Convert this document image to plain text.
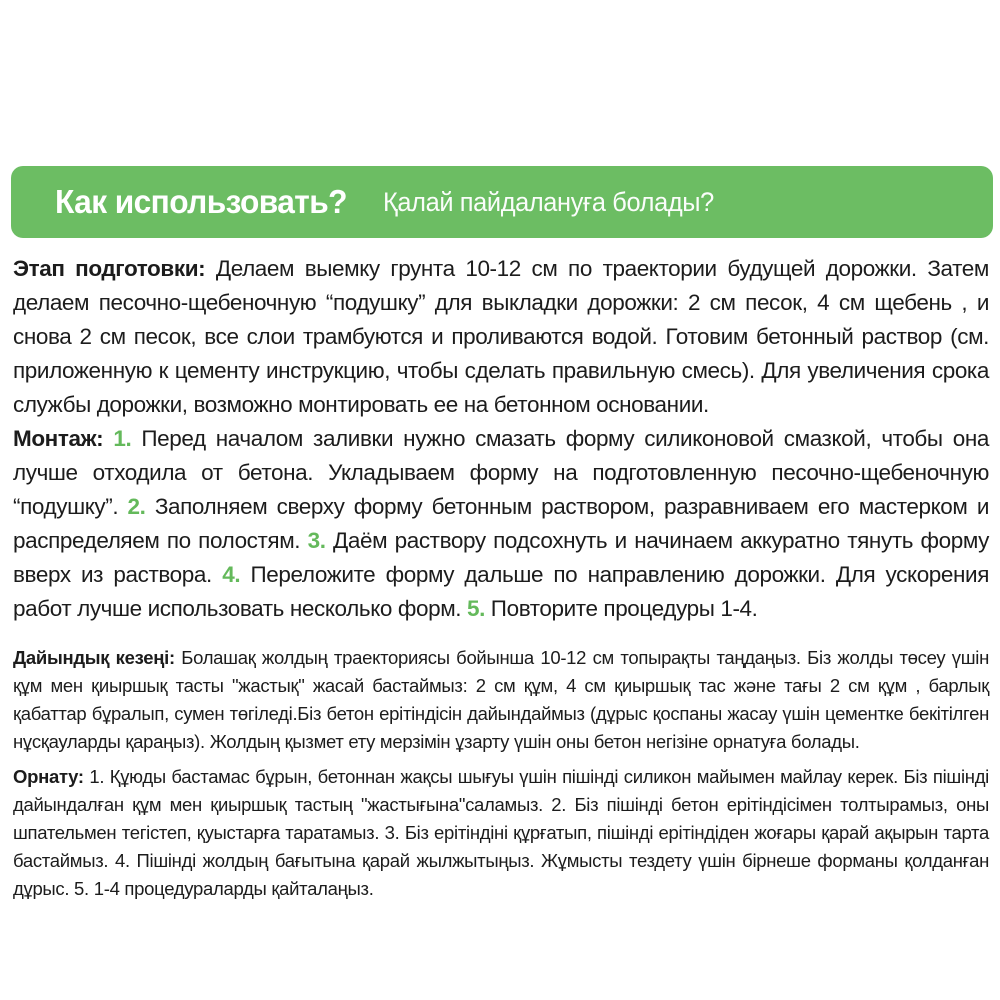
Как использовать? Қалай пайдалануға болады?

Этап подготовки: Делаем выемку грунта 10-12 см по траектории будущей дорожки. Затем делаем песочно-щебеночную “подушку” для выкладки дорожки: 2 см песок, 4 см щебень , и снова 2 см песок, все слои трамбуются и проливаются водой. Готовим бетонный раствор (см. приложенную к цементу инструкцию, чтобы сделать правильную смесь). Для увеличения срока службы дорожки, возможно монтировать ее на бетонном основании.

Монтаж: 1. Перед началом заливки нужно смазать форму силиконовой смазкой, чтобы она лучше отходила от бетона. Укладываем форму на подготовленную песочно-щебеночную “подушку”. 2. Заполняем сверху форму бетонным раствором, разравниваем его мастерком и распределяем по полостям. 3. Даём раствору подсохнуть и начинаем аккуратно тянуть форму вверх из раствора. 4. Переложите форму дальше по направлению дорожки. Для ускорения работ лучше использовать несколько форм. 5. Повторите процедуры 1-4.

Дайындық кезеңі: Болашақ жолдың траекториясы бойынша 10-12 см топырақты таңдаңыз. Біз жолды төсеу үшін құм мен қиыршық тасты "жастық" жасай бастаймыз: 2 см құм, 4 см қиыршық тас және тағы 2 см құм , барлық қабаттар бұралып, сумен төгіледі.Біз бетон ерітіндісін дайындаймыз (дұрыс қоспаны жасау үшін цементке бекітілген нұсқауларды қараңыз). Жолдың қызмет ету мерзімін ұзарту үшін оны бетон негізіне орнатуға болады.

Орнату: 1. Құюды бастамас бұрын, бетоннан жақсы шығуы үшін пішінді силикон майымен майлау керек. Біз пішінді дайындалған құм мен қиыршық тастың "жастығына"саламыз. 2. Біз пішінді бетон ерітіндісімен толтырамыз, оны шпательмен тегістеп, қуыстарға таратамыз. 3. Біз ерітіндіні құрғатып, пішінді ерітіндіден жоғары қарай ақырын тарта бастаймыз. 4. Пішінді жолдың бағытына қарай жылжытыңыз. Жұмысты тездету үшін бірнеше форманы қолданған дұрыс. 5. 1-4 процедураларды қайталаңыз.
